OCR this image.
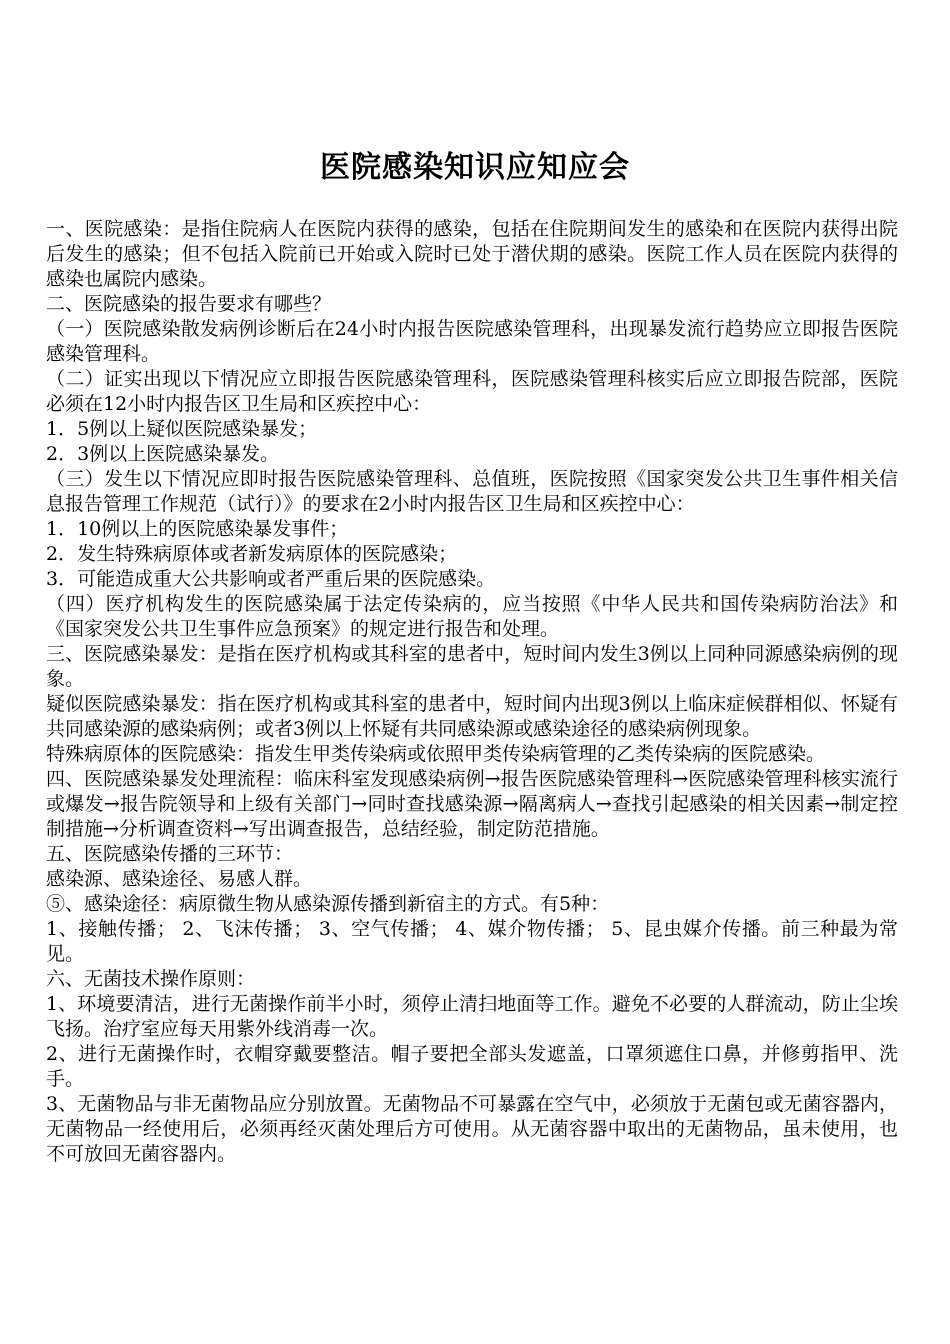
医院感染知识应知应会

一、医院感染：是指住院病人在医院内获得的感染，包括在住院期间发生的感染和在医院内获得出院后发生的感染；但不包括入院前已开始或入院时已处于潜伏期的感染。医院工作人员在医院内获得的感染也属院内感染。

二、医院感染的报告要求有哪些？

（一）医院感染散发病例诊断后在24小时内报告医院感染管理科，出现暴发流行趋势应立即报告医院感染管理科。

（二）证实出现以下情况应立即报告医院感染管理科，医院感染管理科核实后应立即报告院部，医院必须在12小时内报告区卫生局和区疾控中心：

1．5例以上疑似医院感染暴发；

2．3例以上医院感染暴发。

（三）发生以下情况应即时报告医院感染管理科、总值班，医院按照《国家突发公共卫生事件相关信息报告管理工作规范（试行）》的要求在2小时内报告区卫生局和区疾控中心：

1．10例以上的医院感染暴发事件；

2．发生特殊病原体或者新发病原体的医院感染；

3．可能造成重大公共影响或者严重后果的医院感染。

（四）医疗机构发生的医院感染属于法定传染病的，应当按照《中华人民共和国传染病防治法》和《国家突发公共卫生事件应急预案》的规定进行报告和处理。

三、医院感染暴发：是指在医疗机构或其科室的患者中，短时间内发生3例以上同种同源感染病例的现象。

疑似医院感染暴发：指在医疗机构或其科室的患者中，短时间内出现3例以上临床症候群相似、怀疑有共同感染源的感染病例；或者3例以上怀疑有共同感染源或感染途径的感染病例现象。

特殊病原体的医院感染：指发生甲类传染病或依照甲类传染病管理的乙类传染病的医院感染。

四、医院感染暴发处理流程：临床科室发现感染病例→报告医院感染管理科→医院感染管理科核实流行或爆发→报告院领导和上级有关部门→同时查找感染源→隔离病人→查找引起感染的相关因素→制定控制措施→分析调查资料→写出调查报告，总结经验，制定防范措施。

五、医院感染传播的三环节：

感染源、感染途径、易感人群。

⑤、感染途径：病原微生物从感染源传播到新宿主的方式。有5种：

1、接触传播； 2、飞沫传播； 3、空气传播； 4、媒介物传播； 5、昆虫媒介传播。前三种最为常见。

六、无菌技术操作原则：

1、环境要清洁，进行无菌操作前半小时，须停止清扫地面等工作。避免不必要的人群流动，防止尘埃飞扬。治疗室应每天用紫外线消毒一次。

2、进行无菌操作时，衣帽穿戴要整洁。帽子要把全部头发遮盖，口罩须遮住口鼻，并修剪指甲、洗手。

3、无菌物品与非无菌物品应分别放置。无菌物品不可暴露在空气中，必须放于无菌包或无菌容器内，无菌物品一经使用后，必须再经灭菌处理后方可使用。从无菌容器中取出的无菌物品，虽未使用，也不可放回无菌容器内。
